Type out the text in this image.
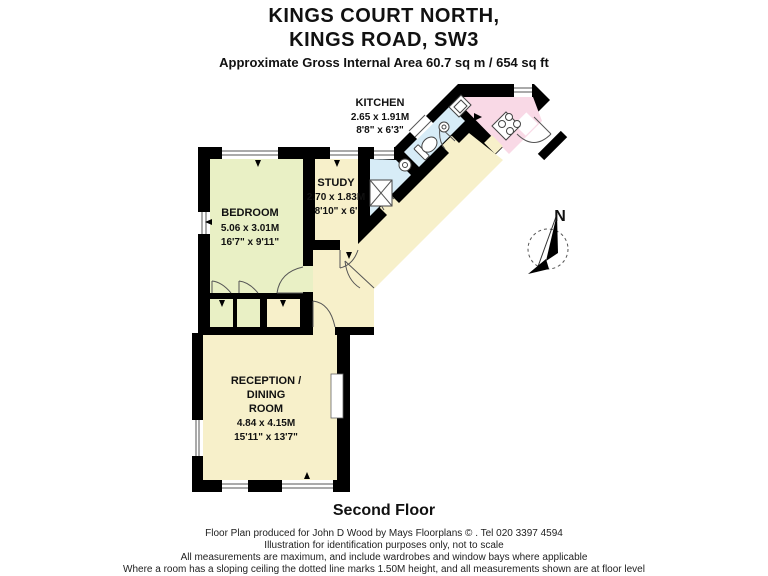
KINGS COURT NORTH,
KINGS ROAD, SW3
Approximate Gross Internal Area 60.7 sq m / 654 sq ft
N
KITCHEN
2.65 x 1.91M
8'8" x 6'3"
STUDY
2.70 x 1.83M
8'10" x 6'
BEDROOM
5.06 x 3.01M
16'7" x 9'11"
RECEPTION /
DINING
ROOM
4.84 x 4.15M
15'11" x 13'7"
Second Floor
Floor Plan produced for John D Wood by Mays Floorplans © . Tel 020 3397 4594
Illustration for identification purposes only, not to scale
All measurements are maximum, and include wardrobes and window bays where applicable
Where a room has a sloping ceiling the dotted line marks 1.50M height, and all measurements shown are at floor level
